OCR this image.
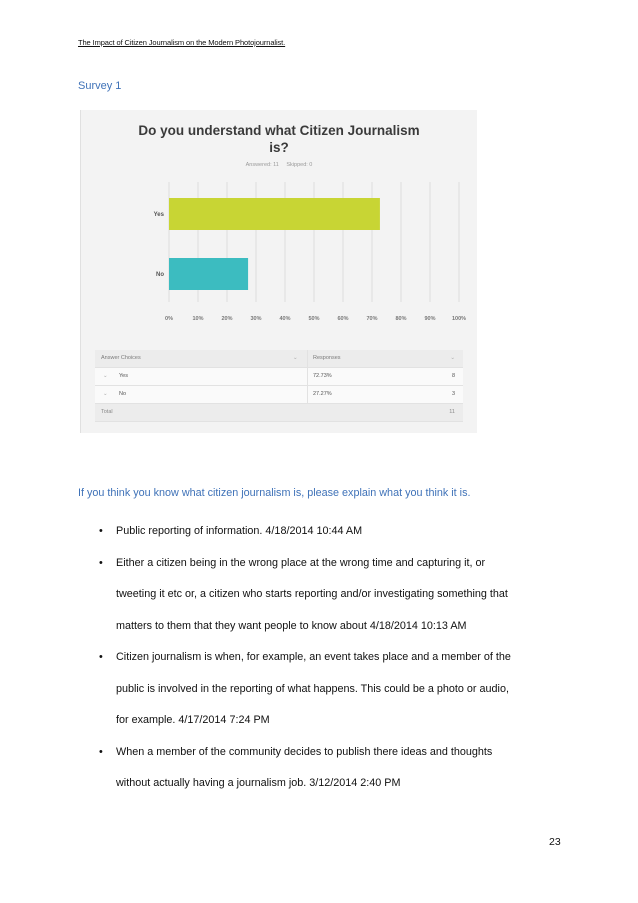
The Impact of Citizen Journalism on the Modern Photojournalist.
Survey 1
Do you understand what Citizen Journalism
is?
Answered: 11 Skipped: 0
0%	10%	20%	30%	40%	50%	60%	70%	80%	90%	100%
Yes
No
Answer Choices	⌄	Responses	⌄
⌄ Yes	72.73%	8
⌄ No	27.27%	3
Total	11
If you think you know what citizen journalism is, please explain what you think it is.
• Public reporting of information. 4/18/2014 10:44 AM
• Either a citizen being in the wrong place at the wrong time and capturing it, or
tweeting it etc or, a citizen who starts reporting and/or investigating something that
matters to them that they want people to know about 4/18/2014 10:13 AM
• Citizen journalism is when, for example, an event takes place and a member of the
public is involved in the reporting of what happens. This could be a photo or audio,
for example. 4/17/2014 7:24 PM
• When a member of the community decides to publish there ideas and thoughts
without actually having a journalism job. 3/12/2014 2:40 PM
23
